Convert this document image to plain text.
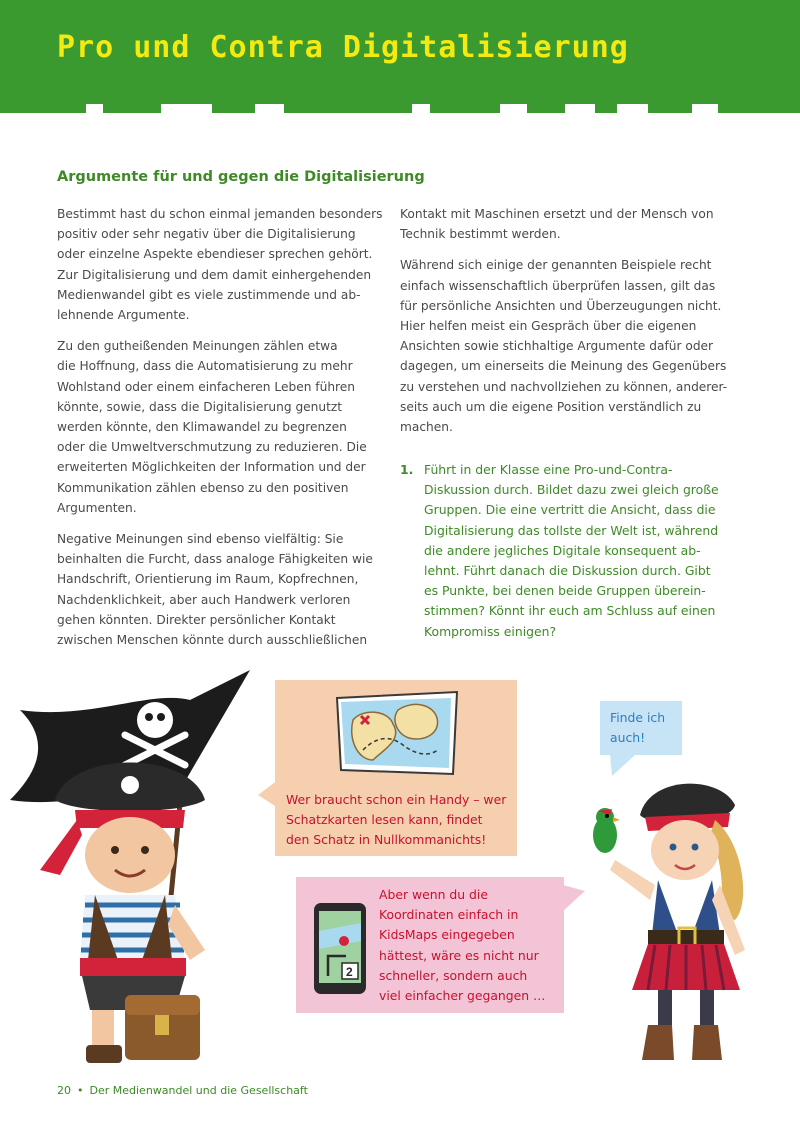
Pro und Contra Digitalisierung
Argumente für und gegen die Digitalisierung

Bestimmt hast du schon einmal jemanden besonders
positiv oder sehr negativ über die Digitalisierung
oder einzelne Aspekte ebendieser sprechen gehört.
Zur Digitalisierung und dem damit einhergehenden
Medienwandel gibt es viele zustimmende und ab-
lehnende Argumente.

Zu den gutheißenden Meinungen zählen etwa
die Hoffnung, dass die Automatisierung zu mehr
Wohlstand oder einem einfacheren Leben führen
könnte, sowie, dass die Digitalisierung genutzt
werden könnte, den Klimawandel zu begrenzen
oder die Umweltverschmutzung zu reduzieren. Die
erweiterten Möglichkeiten der Information und der
Kommunikation zählen ebenso zu den positiven
Argumenten.

Negative Meinungen sind ebenso vielfältig: Sie
beinhalten die Furcht, dass analoge Fähigkeiten wie
Handschrift, Orientierung im Raum, Kopfrechnen,
Nachdenklichkeit, aber auch Handwerk verloren
gehen könnten. Direkter persönlicher Kontakt
zwischen Menschen könnte durch ausschließlichen

Kontakt mit Maschinen ersetzt und der Mensch von
Technik bestimmt werden.

Während sich einige der genannten Beispiele recht
einfach wissenschaftlich überprüfen lassen, gilt das
für persönliche Ansichten und Überzeugungen nicht.
Hier helfen meist ein Gespräch über die eigenen
Ansichten sowie stichhaltige Argumente dafür oder
dagegen, um einerseits die Meinung des Gegenübers
zu verstehen und nachvollziehen zu können, anderer-
seits auch um die eigene Position verständlich zu
machen.

1. Führt in der Klasse eine Pro-und-Contra-
Diskussion durch. Bildet dazu zwei gleich große
Gruppen. Die eine vertritt die Ansicht, dass die
Digitalisierung das tollste der Welt ist, während
die andere jegliches Digitale konsequent ab-
lehnt. Führt danach die Diskussion durch. Gibt
es Punkte, bei denen beide Gruppen überein-
stimmen? Könnt ihr euch am Schluss auf einen
Kompromiss einigen?

Wer braucht schon ein Handy – wer
Schatzkarten lesen kann, findet
den Schatz in Nullkommanichts!

2

Aber wenn du die
Koordinaten einfach in
KidsMaps eingegeben
hättest, wäre es nicht nur
schneller, sondern auch
viel einfacher gegangen …

Finde ich
auch!

20 • Der Medienwandel und die Gesellschaft
